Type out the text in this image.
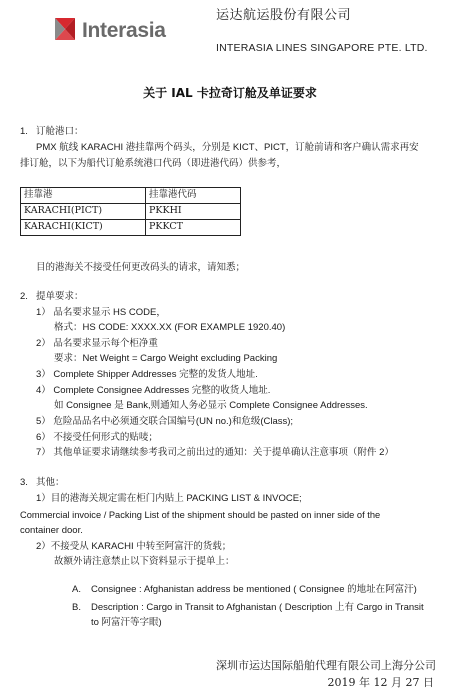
Interasia
运达航运股份有限公司
INTERASIA LINES SINGAPORE PTE. LTD.
关于 IAL 卡拉奇订舱及单证要求
1. 订舱港口：
PMX 航线 KARACHI 港挂靠两个码头，分别是 KICT、PICT，订舱前请和客户确认需求再安
排订舱，以下为船代订舱系统港口代码（即进港代码）供参考，
挂靠港	挂靠港代码
KARACHI(PICT)	PKKHI
KARACHI(KICT)	PKKCT
目的港海关不接受任何更改码头的请求，请知悉；
2. 提单要求：
1） 品名要求显示 HS CODE，
格式：HS CODE: XXXX.XX (FOR EXAMPLE 1920.40)
2） 品名要求显示每个柜净重
要求：Net Weight = Cargo Weight excluding Packing
3） Complete Shipper Addresses 完整的发货人地址.
4） Complete Consignee Addresses 完整的收货人地址.
如 Consignee 是 Bank,则通知人务必显示 Complete Consignee Addresses.
5） 危险品品名中必须通交联合国编号(UN no.)和危级(Class);
6） 不接受任何形式的贴唛；
7） 其他单证要求请继续参考我司之前出过的通知：关于提单确认注意事项（附件 2）
3. 其他：
1）目的港海关规定需在柜门内贴上 PACKING LIST & INVOCE;
Commercial invoice / Packing List of the shipment should be pasted on inner side of the
container door.
2）不接受从 KARACHI 中转至阿富汗的货载；
故额外请注意禁止以下资料显示于提单上：
A. Consignee : Afghanistan address be mentioned ( Consignee 的地址在阿富汗)
B. Description : Cargo in Transit to Afghanistan ( Description 上有 Cargo in Transit
to 阿富汗等字眼)
深圳市运达国际船舶代理有限公司上海分公司
2019 年 12 月 27 日
